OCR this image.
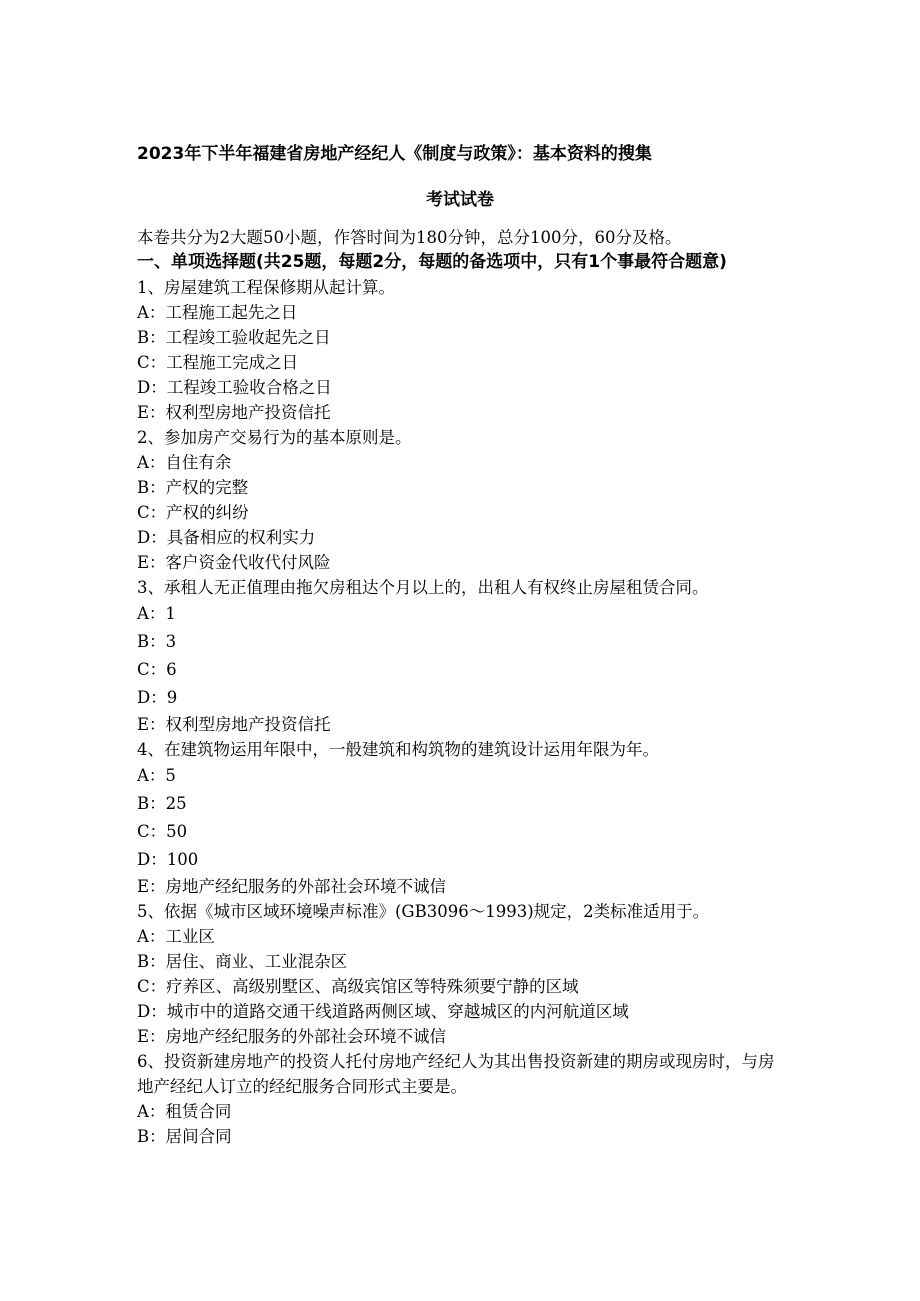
2023年下半年福建省房地产经纪人《制度与政策》：基本资料的搜集
考试试卷
本卷共分为2大题50小题，作答时间为180分钟，总分100分，60分及格。
一、单项选择题(共25题，每题2分，每题的备选项中，只有1个事最符合题意)
1、房屋建筑工程保修期从起计算。
A：工程施工起先之日
B：工程竣工验收起先之日
C：工程施工完成之日
D：工程竣工验收合格之日
E：权利型房地产投资信托
2、参加房产交易行为的基本原则是。
A：自住有余
B：产权的完整
C：产权的纠纷
D：具备相应的权利实力
E：客户资金代收代付风险
3、承租人无正值理由拖欠房租达个月以上的，出租人有权终止房屋租赁合同。
A：1
B：3
C：6
D：9
E：权利型房地产投资信托
4、在建筑物运用年限中，一般建筑和构筑物的建筑设计运用年限为年。
A：5
B：25
C：50
D：100
E：房地产经纪服务的外部社会环境不诚信
5、依据《城市区域环境噪声标准》(GB3096～1993)规定，2类标准适用于。
A：工业区
B：居住、商业、工业混杂区
C：疗养区、高级别墅区、高级宾馆区等特殊须要宁静的区域
D：城市中的道路交通干线道路两侧区域、穿越城区的内河航道区域
E：房地产经纪服务的外部社会环境不诚信
6、投资新建房地产的投资人托付房地产经纪人为其出售投资新建的期房或现房时，与房地产经纪人订立的经纪服务合同形式主要是。
A：租赁合同
B：居间合同
